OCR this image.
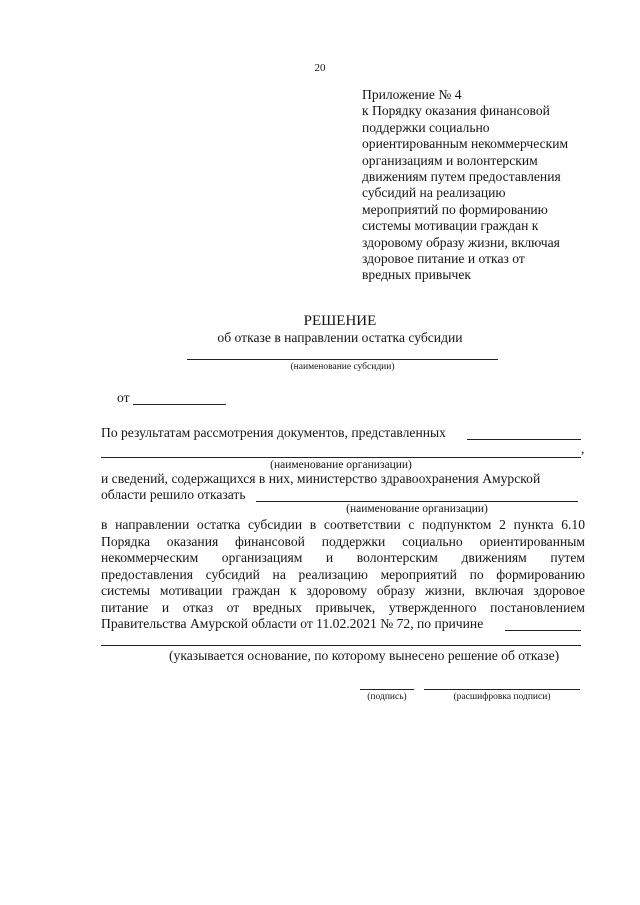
20
Приложение № 4
к Порядку оказания финансовой
поддержки социально
ориентированным некоммерческим
организациям и волонтерским
движениям путем предоставления
субсидий на реализацию
мероприятий по формированию
системы мотивации граждан к
здоровому образу жизни, включая
здоровое питание и отказ от
вредных привычек
РЕШЕНИЕ
об отказе в направлении остатка субсидии
(наименование субсидии)
от
По результатам рассмотрения документов, представленных
,
(наименование организации)
и сведений, содержащихся в них, министерство здравоохранения Амурской
области решило отказать
(наименование организации)
в направлении остатка субсидии в соответствии с подпунктом 2 пункта 6.10
Порядка оказания финансовой поддержки социально ориентированным
некоммерческим организациям и волонтерским движениям путем
предоставления субсидий на реализацию мероприятий по формированию
системы мотивации граждан к здоровому образу жизни, включая здоровое
питание и отказ от вредных привычек, утвержденного постановлением
Правительства Амурской области от 11.02.2021 № 72, по причине
(указывается основание, по которому вынесено решение об отказе)
(подпись)	(расшифровка подписи)
